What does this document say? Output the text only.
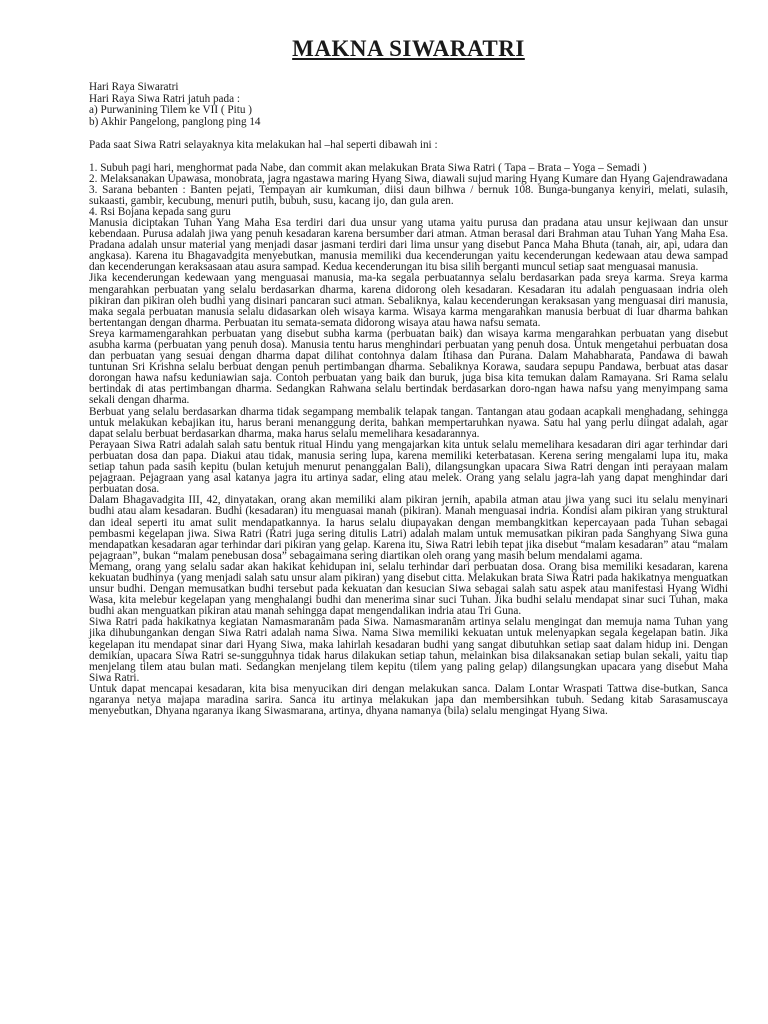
MAKNA SIWARATRI

Hari Raya Siwaratri

Hari Raya Siwa Ratri jatuh pada :

a) Purwanining Tilem ke VII ( Pitu )

b) Akhir Pangelong, panglong ping 14

Pada saat Siwa Ratri selayaknya kita melakukan hal –hal seperti dibawah ini :

1. Subuh pagi hari, menghormat pada Nabe, dan commit akan melakukan Brata Siwa Ratri ( Tapa – Brata – Yoga – Semadi )

2. Melaksanakan Upawasa, monobrata, jagra ngastawa maring Hyang Siwa, diawali sujud maring Hyang Kumare dan Hyang Gajendrawadana

3. Sarana bebanten : Banten pejati, Tempayan air kumkuman, diisi daun bilhwa / bernuk 108. Bunga-bunganya kenyiri, melati, sulasih, sukaasti, gambir, kecubung, menuri putih, bubuh, susu, kacang ijo, dan gula aren.

4. Rsi Bojana kepada sang guru

Manusia diciptakan Tuhan Yang Maha Esa terdiri dari dua unsur yang utama yaitu purusa dan pradana atau unsur kejiwaan dan unsur kebendaan. Purusa adalah jiwa yang penuh kesadaran karena bersumber dari atman. Atman berasal dari Brahman atau Tuhan Yang Maha Esa. Pradana adalah unsur material yang menjadi dasar jasmani terdiri dari lima unsur yang disebut Panca Maha Bhuta (tanah, air, api, udara dan angkasa). Karena itu Bhagavadgita menyebutkan, manusia memiliki dua kecenderungan yaitu kecenderungan kedewaan atau dewa sampad dan kecenderungan keraksasaan atau asura sampad. Kedua kecenderungan itu bisa silih berganti muncul setiap saat menguasai manusia.

Jika kecenderungan kedewaan yang menguasai manusia, ma-ka segala perbuatannya selalu berdasarkan pada sreya karma. Sreya karma mengarahkan perbuatan yang selalu berdasarkan dharma, karena didorong oleh kesadaran. Kesadaran itu adalah penguasaan indria oleh pikiran dan pikiran oleh budhi yang disinari pancaran suci atman. Sebaliknya, kalau kecenderungan keraksasan yang menguasai diri manusia, maka segala perbuatan manusia selalu didasarkan oleh wisaya karma. Wisaya karma mengarahkan manusia berbuat di luar dharma bahkan bertentangan dengan dharma. Perbuatan itu semata-semata didorong wisaya atau hawa nafsu semata.

Sreya karmamengarahkan perbuatan yang disebut subha karma (perbuatan baik) dan wisaya karma mengarahkan perbuatan yang disebut asubha karma (perbuatan yang penuh dosa). Manusia tentu harus menghindari perbuatan yang penuh dosa. Untuk mengetahui perbuatan dosa dan perbuatan yang sesuai dengan dharma dapat dilihat contohnya dalam Itihasa dan Purana. Dalam Mahabharata, Pandawa di bawah tuntunan Sri Krishna selalu berbuat dengan penuh pertimbangan dharma. Sebaliknya Korawa, saudara sepupu Pandawa, berbuat atas dasar dorongan hawa nafsu keduniawian saja. Contoh perbuatan yang baik dan buruk, juga bisa kita temukan dalam Ramayana. Sri Rama selalu bertindak di atas pertimbangan dharma. Sedangkan Rahwana selalu bertindak berdasarkan doro-ngan hawa nafsu yang menyimpang sama sekali dengan dharma.

Berbuat yang selalu berdasarkan dharma tidak segampang membalik telapak tangan. Tantangan atau godaan acapkali menghadang, sehingga untuk melakukan kebajikan itu, harus berani menanggung derita, bahkan mempertaruhkan nyawa. Satu hal yang perlu diingat adalah, agar dapat selalu berbuat berdasarkan dharma, maka harus selalu memelihara kesadarannya.

Perayaan Siwa Ratri adalah salah satu bentuk ritual Hindu yang mengajarkan kita untuk selalu memelihara kesadaran diri agar terhindar dari perbuatan dosa dan papa. Diakui atau tidak, manusia sering lupa, karena memiliki keterbatasan. Kerena sering mengalami lupa itu, maka setiap tahun pada sasih kepitu (bulan ketujuh menurut penanggalan Bali), dilangsungkan upacara Siwa Ratri dengan inti perayaan malam pejagraan. Pejagraan yang asal katanya jagra itu artinya sadar, eling atau melek. Orang yang selalu jagra-lah yang dapat menghindar dari perbuatan dosa.

Dalam Bhagavadgita III, 42, dinyatakan, orang akan memiliki alam pikiran jernih, apabila atman atau jiwa yang suci itu selalu menyinari budhi atau alam kesadaran. Budhi (kesadaran) itu menguasai manah (pikiran). Manah menguasai indria. Kondisi alam pikiran yang struktural dan ideal seperti itu amat sulit mendapatkannya. Ia harus selalu diupayakan dengan membangkitkan kepercayaan pada Tuhan sebagai pembasmi kegelapan jiwa. Siwa Ratri (Ratri juga sering ditulis Latri) adalah malam untuk memusatkan pikiran pada Sanghyang Siwa guna mendapatkan kesadaran agar terhindar dari pikiran yang gelap. Karena itu, Siwa Ratri lebih tepat jika disebut “malam kesadaran” atau “malam pejagraan”, bukan “malam penebusan dosa” sebagaimana sering diartikan oleh orang yang masih belum mendalami agama.

Memang, orang yang selalu sadar akan hakikat kehidupan ini, selalu terhindar dari perbuatan dosa. Orang bisa memiliki kesadaran, karena kekuatan budhinya (yang menjadi salah satu unsur alam pikiran) yang disebut citta. Melakukan brata Siwa Ratri pada hakikatnya menguatkan unsur budhi. Dengan memusatkan budhi tersebut pada kekuatan dan kesucian Siwa sebagai salah satu aspek atau manifestasi Hyang Widhi Wasa, kita melebur kegelapan yang menghalangi budhi dan menerima sinar suci Tuhan. Jika budhi selalu mendapat sinar suci Tuhan, maka budhi akan menguatkan pikiran atau manah sehingga dapat mengendalikan indria atau Tri Guna.

Siwa Ratri pada hakikatnya kegiatan Namasmaranâm pada Siwa. Namasmaranâm artinya selalu mengingat dan memuja nama Tuhan yang jika dihubungankan dengan Siwa Ratri adalah nama Siwa. Nama Siwa memiliki kekuatan untuk melenyapkan segala kegelapan batin. Jika kegelapan itu mendapat sinar dari Hyang Siwa, maka lahirlah kesadaran budhi yang sangat dibutuhkan setiap saat dalam hidup ini. Dengan demikian, upacara Siwa Ratri se-sungguhnya tidak harus dilakukan setiap tahun, melainkan bisa dilaksanakan setiap bulan sekali, yaitu tiap menjelang tilem atau bulan mati. Sedangkan menjelang tilem kepitu (tilem yang paling gelap) dilangsungkan upacara yang disebut Maha Siwa Ratri.

Untuk dapat mencapai kesadaran, kita bisa menyucikan diri dengan melakukan sanca. Dalam Lontar Wraspati Tattwa dise-butkan, Sanca ngaranya netya majapa maradina sarira. Sanca itu artinya melakukan japa dan membersihkan tubuh. Sedang kitab Sarasamuscaya menyebutkan, Dhyana ngaranya ikang Siwasmarana, artinya, dhyana namanya (bila) selalu mengingat Hyang Siwa.
